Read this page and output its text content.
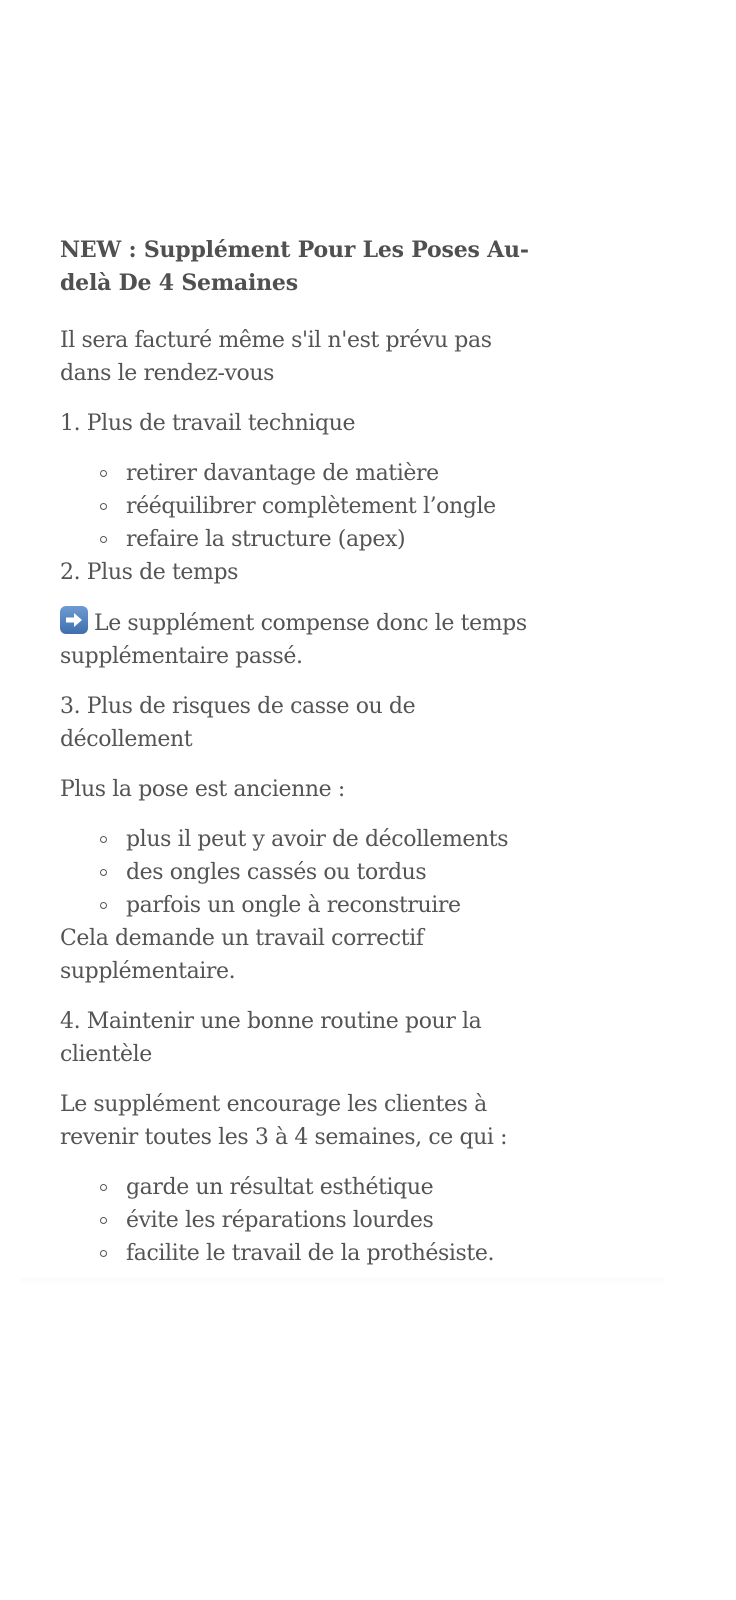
NEW : Supplément Pour Les Poses Au-delà De 4 Semaines

Il sera facturé même s'il n'est prévu pas dans le rendez-vous

1. Plus de travail technique

retirer davantage de matière
rééquilibrer complètement l’ongle
refaire la structure (apex)

2. Plus de temps

Le supplément compense donc le temps supplémentaire passé.

3. Plus de risques de casse ou de décollement

Plus la pose est ancienne :

plus il peut y avoir de décollements
des ongles cassés ou tordus
parfois un ongle à reconstruire

Cela demande un travail correctif supplémentaire.

4. Maintenir une bonne routine pour la clientèle

Le supplément encourage les clientes à revenir toutes les 3 à 4 semaines, ce qui :

garde un résultat esthétique
évite les réparations lourdes
facilite le travail de la prothésiste.
